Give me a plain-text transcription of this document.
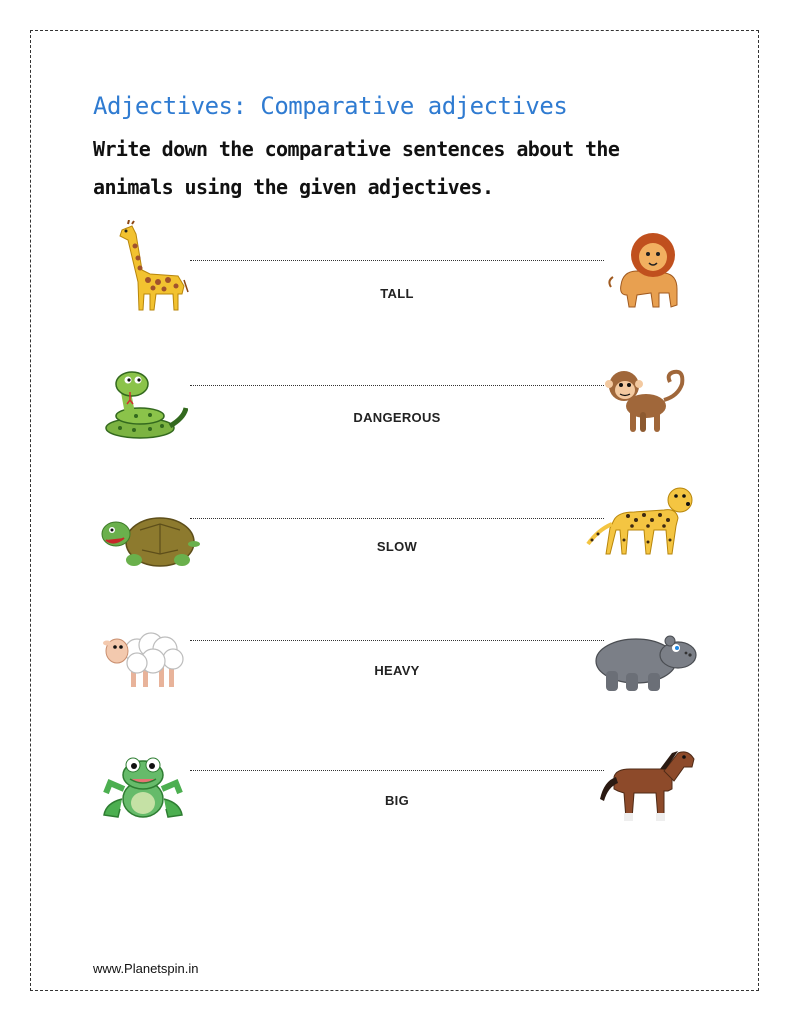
Adjectives: Comparative adjectives

Write down the comparative sentences about the animals using the given adjectives.

TALL
DANGEROUS
SLOW
HEAVY
BIG
www.Planetspin.in
